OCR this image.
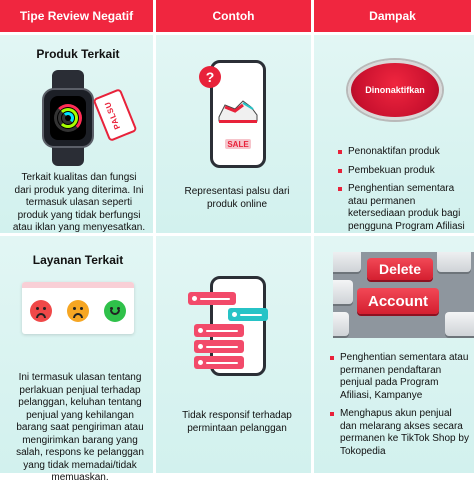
Tipe Review Negatif	Contoh	Dampak
Produk Terkait
PALSU
Terkait kualitas dan fungsi dari produk yang diterima. Ini termasuk ulasan seperti produk yang tidak berfungsi atau iklan yang menyesatkan.
SALE
?
Representasi palsu dari produk online
Dinonaktifkan
Penonaktifan produk
Pembekuan produk
Penghentian sementara atau permanen ketersediaan produk bagi pengguna Program Afiliasi
Layanan Terkait
Ini termasuk ulasan tentang perlakuan penjual terhadap pelanggan, keluhan tentang penjual yang kehilangan barang saat pengiriman atau mengirimkan barang yang salah, respons ke pelanggan yang tidak memadai/tidak memuaskan.
Tidak responsif terhadap permintaan pelanggan
Delete
Account
Penghentian sementara atau permanen pendaftaran penjual pada Program Afiliasi, Kampanye
Menghapus akun penjual dan melarang akses secara permanen ke TikTok Shop by Tokopedia
